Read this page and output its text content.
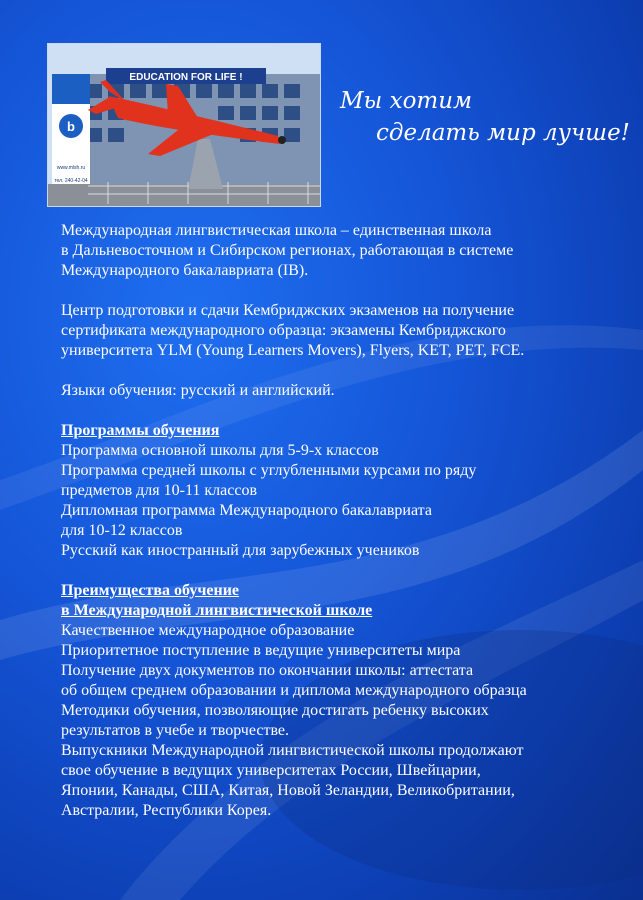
EDUCATION FOR LIFE !
b
www.mlsh.ru
тел. 240-42-04
Мы хотим
сделать мир лучше!

Международная лингвистическая школа – единственная школа

в Дальневосточном и Сибирском регионах, работающая в системе

Международного бакалавриата (IB).

Центр подготовки и сдачи Кембриджских экзаменов на получение

сертификата международного образца: экзамены Кембриджского

университета YLM (Young Learners Movers), Flyers, KET, PET, FCE.

Языки обучения: русский и английский.

Программы обучения

Программа основной школы для 5-9-х классов

Программа средней школы с углубленными курсами по ряду

предметов для 10-11 классов

Дипломная программа Международного бакалавриата

для 10-12 классов

Русский как иностранный для зарубежных учеников

Преимущества обучение

в Международной лингвистической школе

Качественное международное образование

Приоритетное поступление в ведущие университеты мира

Получение двух документов по окончании школы: аттестата

об общем среднем образовании и диплома международного образца

Методики обучения, позволяющие достигать ребенку высоких

результатов в учебе и творчестве.

Выпускники Международной лингвистической школы продолжают

свое обучение в ведущих университетах России, Швейцарии,

Японии, Канады, США, Китая, Новой Зеландии, Великобритании,

Австралии, Республики Корея.
